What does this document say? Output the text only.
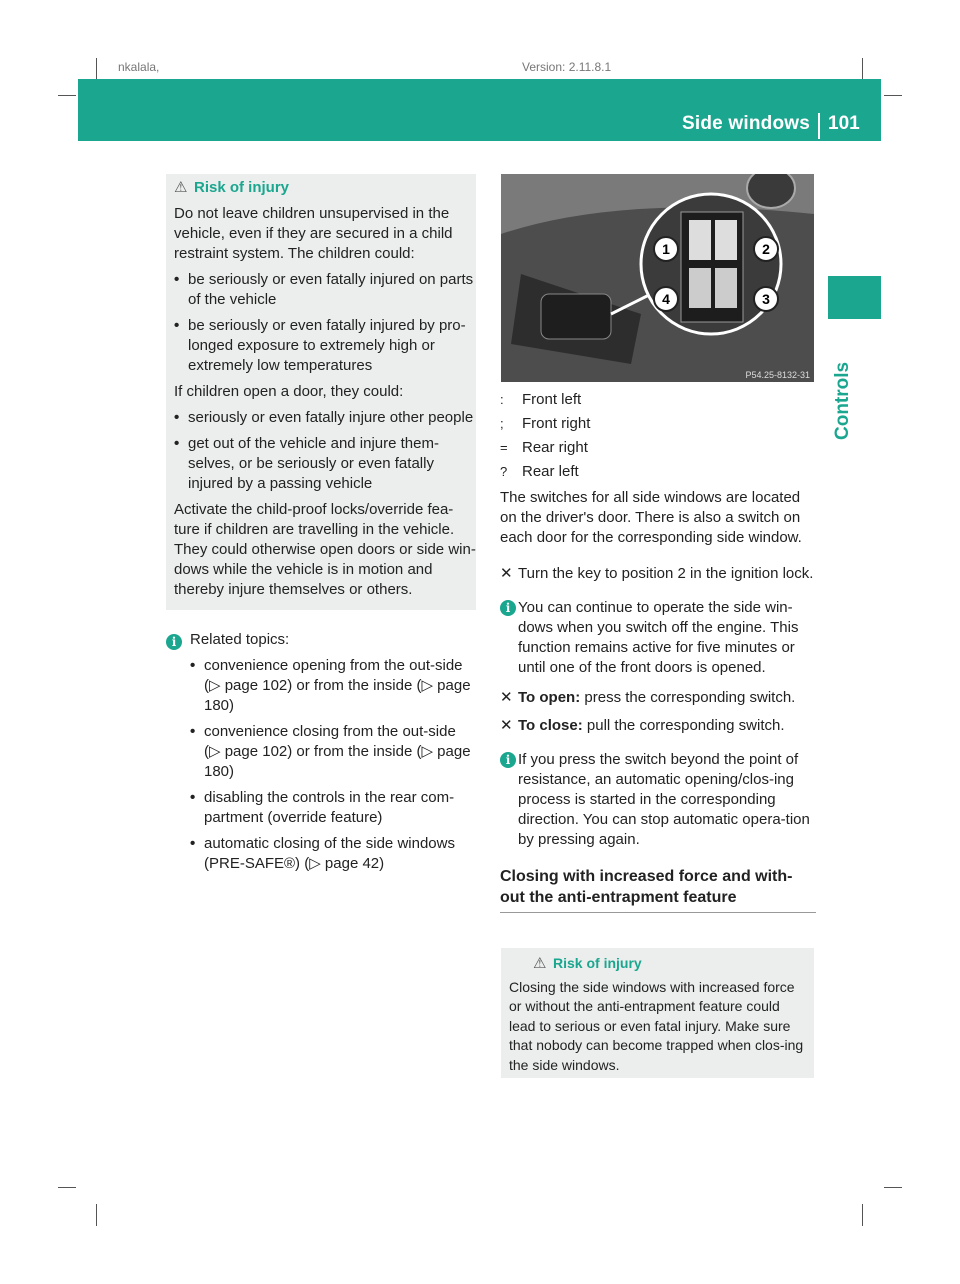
nkalala,	Version: 2.11.8.1
Side windows 101
Controls

⚠ Risk of injury

Do not leave children unsupervised in the vehicle, even if they are secured in a child restraint system. The children could:

• be seriously or even fatally injured on parts of the vehicle

• be seriously or even fatally injured by pro-longed exposure to extremely high or extremely low temperatures

If children open a door, they could:

• seriously or even fatally injure other people

• get out of the vehicle and injure them-selves, or be seriously or even fatally injured by a passing vehicle

Activate the child-proof locks/override fea-ture if children are travelling in the vehicle. They could otherwise open doors or side win-dows while the vehicle is in motion and thereby injure themselves or others.

i Related topics:

• convenience opening from the out-side (▷ page 102) or from the inside (▷ page 180)

• convenience closing from the out-side (▷ page 102) or from the inside (▷ page 180)

• disabling the controls in the rear com-partment (override feature)

• automatic closing of the side windows (PRE-SAFE®) (▷ page 42)

1	2
3
4
P54.25-8132-31

: Front left

; Front right

= Rear right

? Rear left

The switches for all side windows are located on the driver's door. There is also a switch on each door for the corresponding side window.

✕ Turn the key to position 2 in the ignition lock.

i You can continue to operate the side win-dows when you switch off the engine. This function remains active for five minutes or until one of the front doors is opened.

✕ To open: press the corresponding switch.

✕ To close: pull the corresponding switch.

i If you press the switch beyond the point of resistance, an automatic opening/clos-ing process is started in the corresponding direction. You can stop automatic opera-tion by pressing again.

Closing with increased force and with-out the anti-entrapment feature

⚠ Risk of injury

Closing the side windows with increased force or without the anti-entrapment feature could lead to serious or even fatal injury. Make sure that nobody can become trapped when clos-ing the side windows.
